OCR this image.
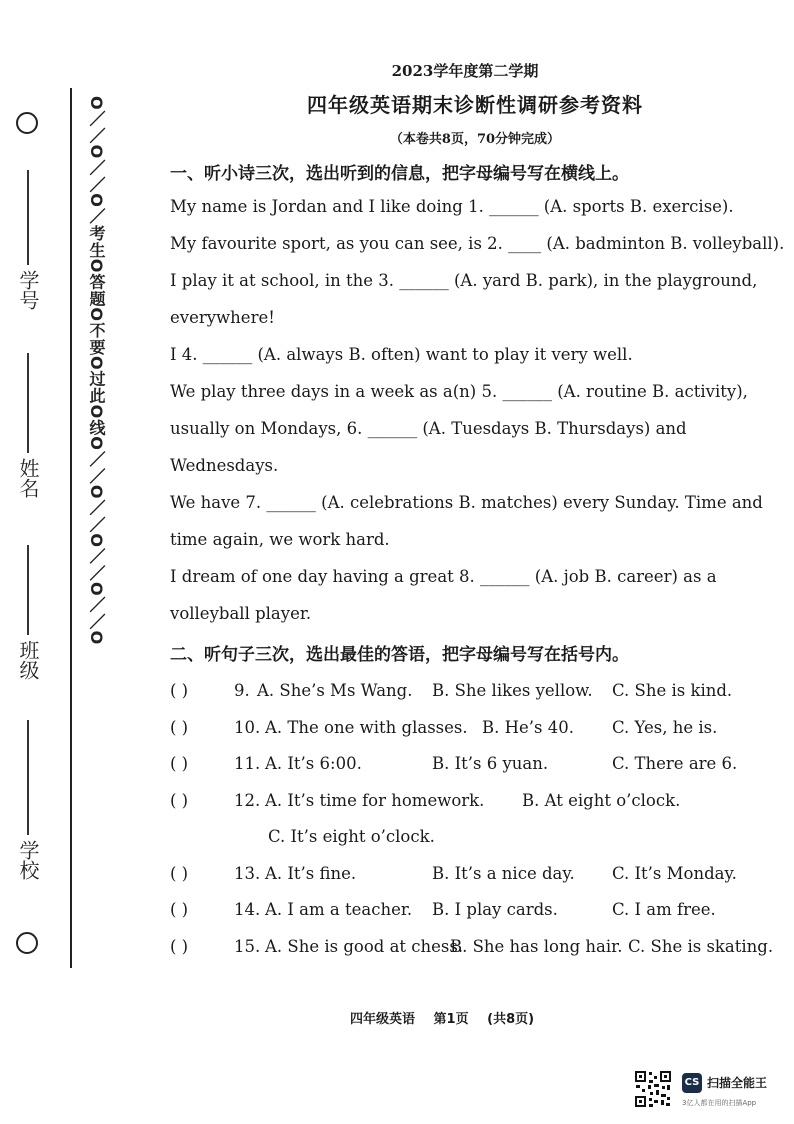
O／／O／／O／考生O答题O不要O过此O线O／／O／／O／／O／／O
学号
姓名
班级
学校
2023学年度第二学期
四年级英语期末诊断性调研参考资料
（本卷共8页，70分钟完成）
一、听小诗三次，选出听到的信息，把字母编号写在横线上。
My name is Jordan and I like doing 1. ______ (A. sports B. exercise).
My favourite sport, as you can see, is 2. ____ (A. badminton B. volleyball).
I play it at school, in the 3. ______ (A. yard B. park), in the playground,
everywhere!
I 4. ______ (A. always B. often) want to play it very well.
We play three days in a week as a(n) 5. ______ (A. routine B. activity),
usually on Mondays, 6. ______ (A. Tuesdays B. Thursdays) and
Wednesdays.
We have 7. ______ (A. celebrations B. matches) every Sunday. Time and
time again, we work hard.
I dream of one day having a great 8. ______ (A. job B. career) as a
volleyball player.
二、听句子三次，选出最佳的答语，把字母编号写在括号内。
( )	9. A. She’s Ms Wang. B. She likes yellow. C. She is kind.
( )	10. A. The one with glasses. B. He’s 40. C. Yes, he is.
( )	11. A. It’s 6:00.	B. It’s 6 yuan.	C. There are 6.
( )	12. A. It’s time for homework. B. At eight o’clock.
C. It’s eight o’clock.
( )	13. A. It’s fine.	B. It’s a nice day. C. It’s Monday.
( )	14. A. I am a teacher. B. I play cards.	C. I am free.
( )	15. A. She is good at chess.
B. She has long hair. C. She is skating.
四年级英语 第1页 (共8页)
CS 扫描全能王
3亿人都在用的扫描App
